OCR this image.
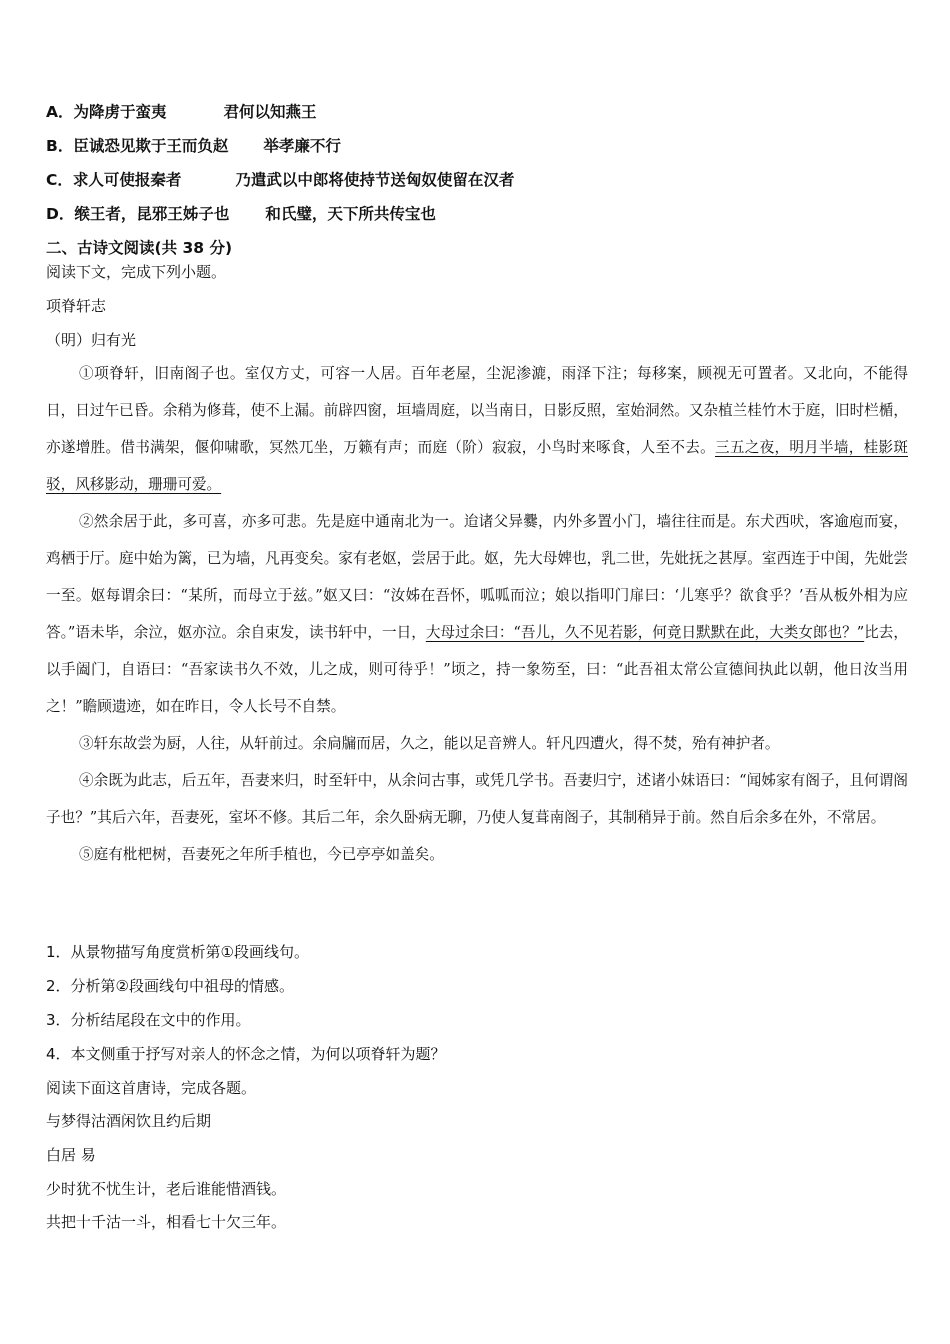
A．为降虏于蛮夷	君何以知燕王
B．臣诚恐见欺于王而负赵 举孝廉不行
C．求人可使报秦者	乃遣武以中郎将使持节送匈奴使留在汉者
D．缑王者，昆邪王姊子也 和氏璧，天下所共传宝也
二、古诗文阅读(共 38 分)
阅读下文，完成下列小题。
项脊轩志
（明）归有光

①项脊轩，旧南阁子也。室仅方丈，可容一人居。百年老屋，尘泥渗漉，雨泽下注；每移案，顾视无可置者。又北向，不能得日，日过午已昏。余稍为修葺，使不上漏。前辟四窗，垣墙周庭，以当南日，日影反照，室始洞然。又杂植兰桂竹木于庭，旧时栏楯，亦遂增胜。借书满架，偃仰啸歌，冥然兀坐，万籁有声；而庭（阶）寂寂，小鸟时来啄食，人至不去。三五之夜，明月半墙，桂影斑驳，风移影动，珊珊可爱。

②然余居于此，多可喜，亦多可悲。先是庭中通南北为一。迨诸父异爨，内外多置小门，墙往往而是。东犬西吠，客逾庖而宴，鸡栖于厅。庭中始为篱，已为墙，凡再变矣。家有老妪，尝居于此。妪，先大母婢也，乳二世，先妣抚之甚厚。室西连于中闺，先妣尝一至。妪每谓余曰：“某所，而母立于兹。”妪又曰：“汝姊在吾怀，呱呱而泣；娘以指叩门扉曰：‘儿寒乎？欲食乎？’吾从板外相为应答。”语未毕，余泣，妪亦泣。余自束发，读书轩中，一日，大母过余曰：“吾儿，久不见若影，何竟日默默在此，大类女郎也？”比去，以手阖门，自语曰：“吾家读书久不效，儿之成，则可待乎！”顷之，持一象笏至，曰：“此吾祖太常公宣德间执此以朝，他日汝当用之！”瞻顾遗迹，如在昨日，令人长号不自禁。

③轩东故尝为厨，人往，从轩前过。余扃牖而居，久之，能以足音辨人。轩凡四遭火，得不焚，殆有神护者。

④余既为此志，后五年，吾妻来归，时至轩中，从余问古事，或凭几学书。吾妻归宁，述诸小妹语曰：“闻姊家有阁子，且何谓阁子也？”其后六年，吾妻死，室坏不修。其后二年，余久卧病无聊，乃使人复葺南阁子，其制稍异于前。然自后余多在外，不常居。

⑤庭有枇杷树，吾妻死之年所手植也，今已亭亭如盖矣。

1．从景物描写角度赏析第①段画线句。
2．分析第②段画线句中祖母的情感。
3．分析结尾段在文中的作用。
4．本文侧重于抒写对亲人的怀念之情，为何以项脊轩为题？
阅读下面这首唐诗，完成各题。
与梦得沽酒闲饮且约后期
白居 易
少时犹不忧生计，老后谁能惜酒钱。
共把十千沽一斗，相看七十欠三年。
